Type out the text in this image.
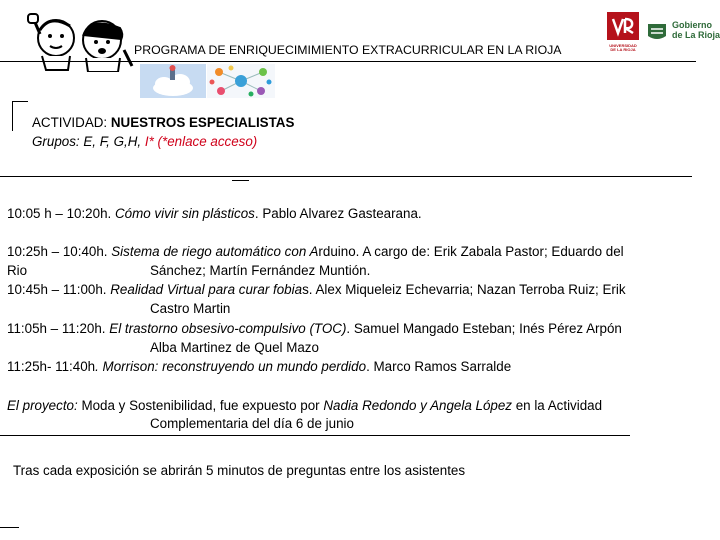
PROGRAMA DE ENRIQUECIMIMIENTO EXTRACURRICULAR EN LA RIOJA	UNIVERSIDAD DE LA RIOJA
Gobierno
de La Rioja
ACTIVIDAD: NUESTROS ESPECIALISTAS
Grupos: E, F, G,H, I* (*enlace acceso)
10:05 h – 10:20h. Cómo vivir sin plásticos. Pablo Alvarez Gastearana.
10:25h – 10:40h. Sistema de riego automático con Arduino. A cargo de: Erik Zabala Pastor; Eduardo del
Rio	Sánchez; Martín Fernández Muntión.
10:45h – 11:00h. Realidad Virtual para curar fobias. Alex Miqueleiz Echevarria; Nazan Terroba Ruiz; Erik
Castro Martin
11:05h – 11:20h. El trastorno obsesivo-compulsivo (TOC). Samuel Mangado Esteban; Inés Pérez Arpón
Alba Martinez de Quel Mazo
11:25h- 11:40h. Morrison: reconstruyendo un mundo perdido. Marco Ramos Sarralde
El proyecto: Moda y Sostenibilidad, fue expuesto por Nadia Redondo y Angela López en la Actividad
Complementaria del día 6 de junio
Tras cada exposición se abrirán 5 minutos de preguntas entre los asistentes
